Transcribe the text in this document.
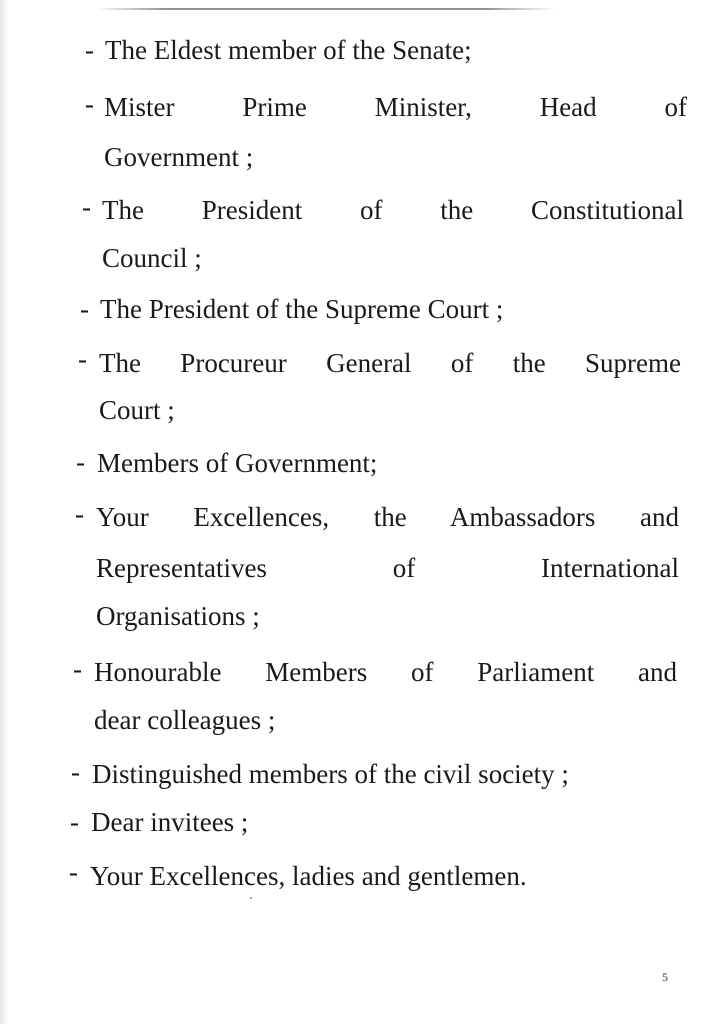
- The Eldest member of the Senate;
- Mister Prime Minister, Head of
Government ;
- The President of the Constitutional
Council ;
- The President of the Supreme Court ;
- The Procureur General of the Supreme
Court ;
- Members of Government;
- Your Excellences, the Ambassadors and
Representatives of International
Organisations ;
- Honourable Members of Parliament and
dear colleagues ;
- Distinguished members of the civil society ;
- Dear invitees ;
- Your Excellences, ladies and gentlemen.
5
